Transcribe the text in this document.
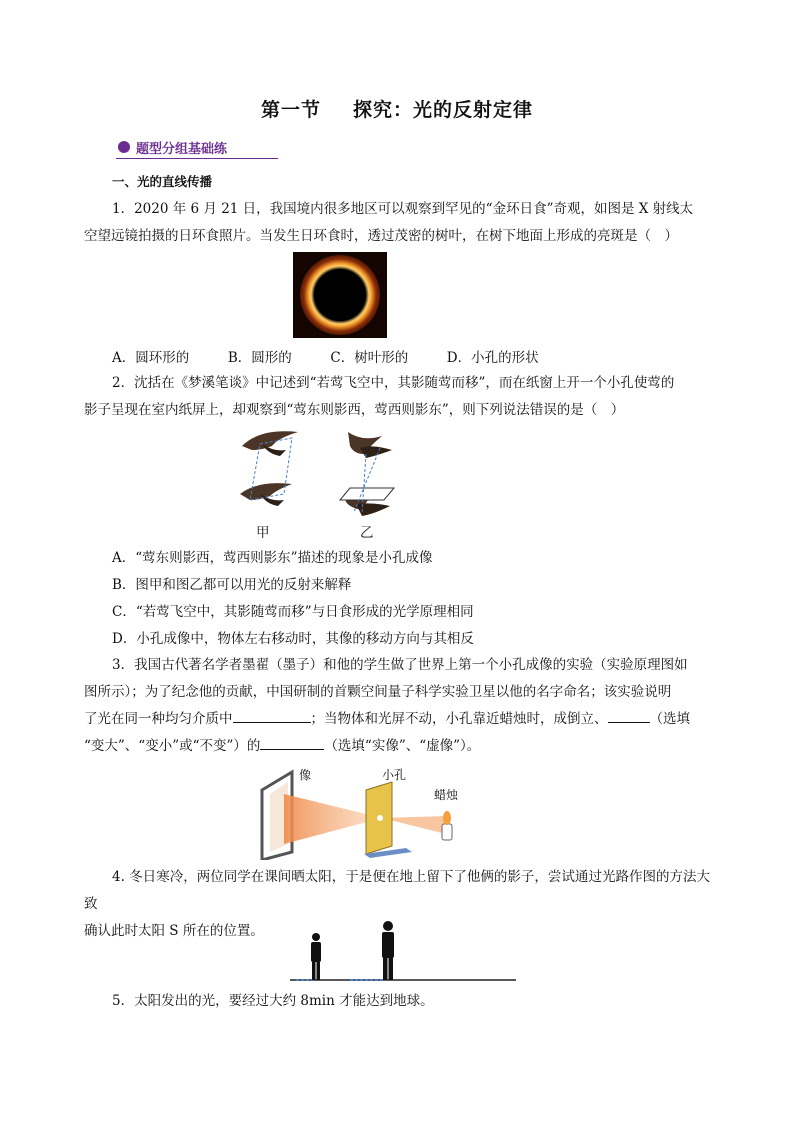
第一节 探究：光的反射定律
题型分组基础练
一、光的直线传播
1．2020 年 6 月 21 日，我国境内很多地区可以观察到罕见的“金环日食”奇观，如图是 X 射线太
空望远镜拍摄的日环食照片。当发生日环食时，透过茂密的树叶，在树下地面上形成的亮斑是（　）
A．圆环形的	B．圆形的	C．树叶形的	D．小孔的形状
2．沈括在《梦溪笔谈》中记述到“若莺飞空中，其影随莺而移”，而在纸窗上开一个小孔使莺的
影子呈现在室内纸屏上，却观察到“莺东则影西，莺西则影东”，则下列说法错误的是（　）
甲	乙
A．“莺东则影西，莺西则影东”描述的现象是小孔成像
B．图甲和图乙都可以用光的反射来解释
C．“若莺飞空中，其影随莺而移”与日食形成的光学原理相同
D．小孔成像中，物体左右移动时，其像的移动方向与其相反
3．我国古代著名学者墨翟（墨子）和他的学生做了世界上第一个小孔成像的实验（实验原理图如
图所示）；为了纪念他的贡献，中国研制的首颗空间量子科学实验卫星以他的名字命名；该实验说明
了光在同一种均匀介质中	；当物体和光屏不动，小孔靠近蜡烛时，成倒立、	（选填
“变大”、“变小”或“不变”）的	（选填“实像”、“虚像”）。
像	小孔
蜡烛
4. 冬日寒冷，两位同学在课间晒太阳，于是便在地上留下了他俩的影子，尝试通过光路作图的方法大致
确认此时太阳 S 所在的位置。
5．太阳发出的光，要经过大约 8min 才能达到地球。
